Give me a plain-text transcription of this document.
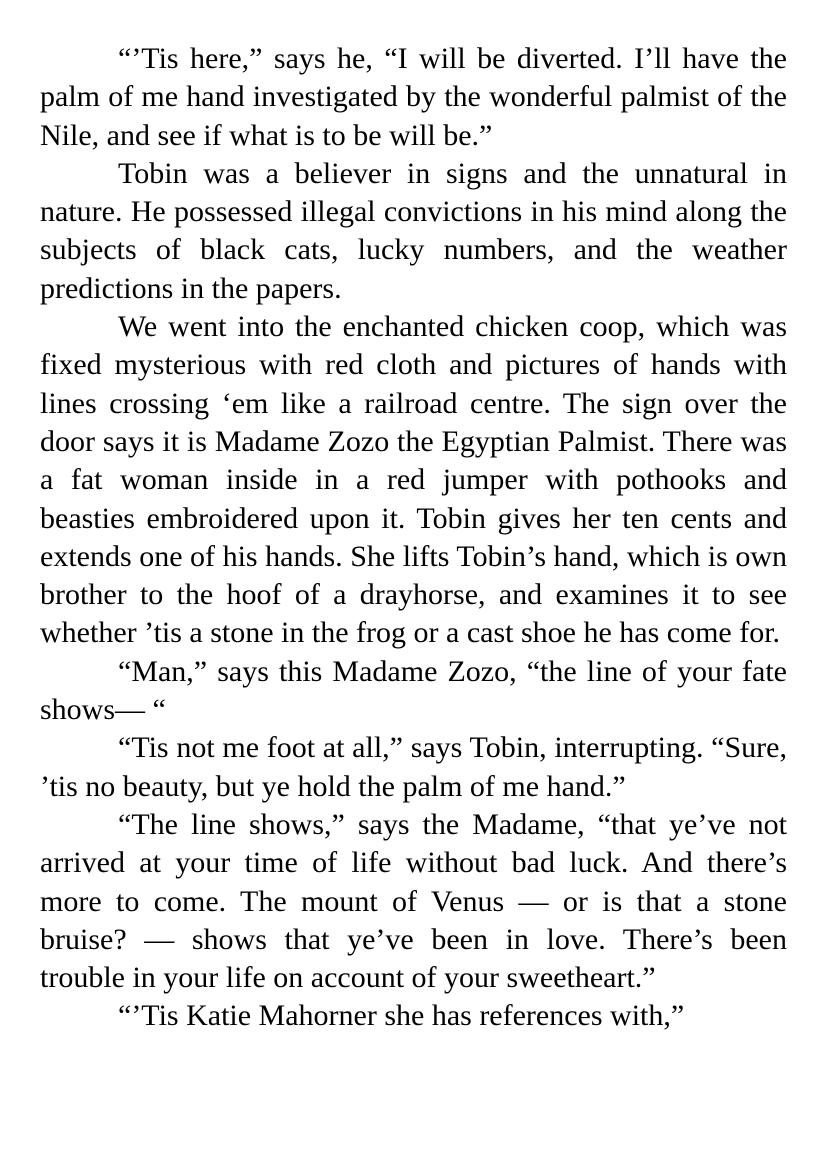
“’Tis here,” says he, “I will be diverted. I’ll have the palm of me hand investigated by the wonderful palmist of the Nile, and see if what is to be will be.”

Tobin was a believer in signs and the unnatural in nature. He possessed illegal convictions in his mind along the subjects of black cats, lucky numbers, and the weather predictions in the papers.

We went into the enchanted chicken coop, which was fixed mysterious with red cloth and pictures of hands with lines crossing ‘em like a railroad centre. The sign over the door says it is Madame Zozo the Egyptian Palmist. There was a fat woman inside in a red jumper with pothooks and beasties embroidered upon it. Tobin gives her ten cents and extends one of his hands. She lifts Tobin’s hand, which is own brother to the hoof of a drayhorse, and examines it to see whether ’tis a stone in the frog or a cast shoe he has come for.

“Man,” says this Madame Zozo, “the line of your fate shows— “

“Tis not me foot at all,” says Tobin, interrupting. “Sure, ’tis no beauty, but ye hold the palm of me hand.”

“The line shows,” says the Madame, “that ye’ve not arrived at your time of life without bad luck. And there’s more to come. The mount of Venus — or is that a stone bruise? — shows that ye’ve been in love. There’s been trouble in your life on account of your sweetheart.”

“’Tis Katie Mahorner she has references with,”
